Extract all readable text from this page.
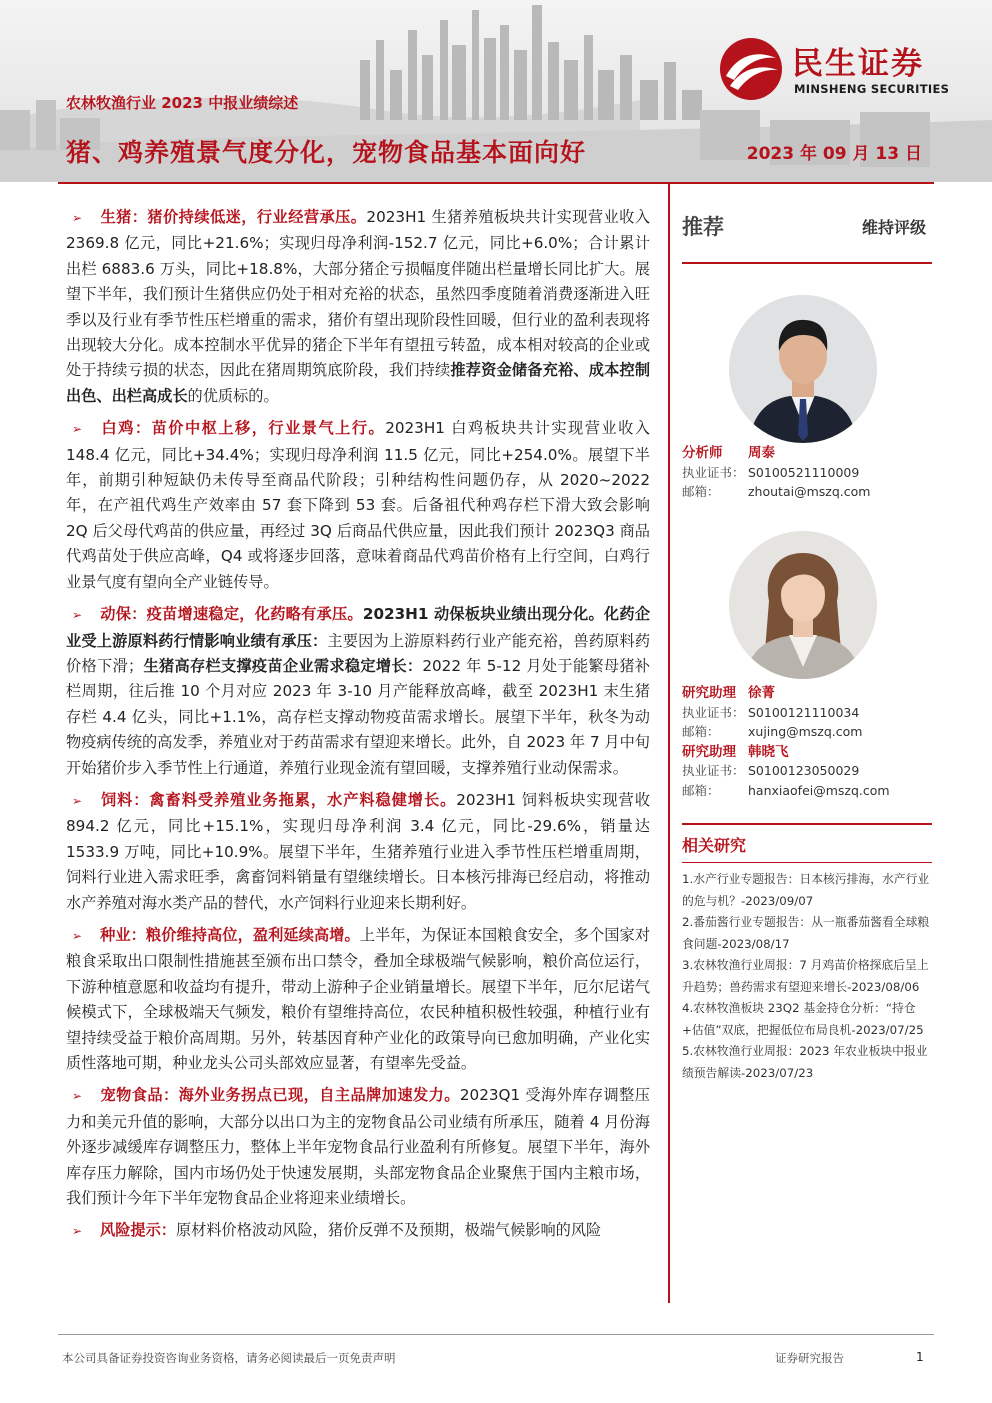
农林牧渔行业 2023 中报业绩综述
猪、鸡养殖景气度分化，宠物食品基本面向好	2023 年 09 月 13 日
民生证券
MINSHENG SECURITIES

➢ 生猪：猪价持续低迷，行业经营承压。2023H1 生猪养殖板块共计实现营业收入 2369.8 亿元，同比+21.6%；实现归母净利润-152.7 亿元，同比+6.0%；合计累计出栏 6883.6 万头，同比+18.8%，大部分猪企亏损幅度伴随出栏量增长同比扩大。展望下半年，我们预计生猪供应仍处于相对充裕的状态，虽然四季度随着消费逐渐进入旺季以及行业有季节性压栏增重的需求，猪价有望出现阶段性回暖，但行业的盈利表现将出现较大分化。成本控制水平优异的猪企下半年有望扭亏转盈，成本相对较高的企业或处于持续亏损的状态，因此在猪周期筑底阶段，我们持续推荐资金储备充裕、成本控制出色、出栏高成长的优质标的。

➢ 白鸡：苗价中枢上移，行业景气上行。2023H1 白鸡板块共计实现营业收入 148.4 亿元，同比+34.4%；实现归母净利润 11.5 亿元，同比+254.0%。展望下半年，前期引种短缺仍未传导至商品代阶段；引种结构性问题仍存，从 2020~2022 年，在产祖代鸡生产效率由 57 套下降到 53 套。后备祖代种鸡存栏下滑大致会影响 2Q 后父母代鸡苗的供应量，再经过 3Q 后商品代供应量，因此我们预计 2023Q3 商品代鸡苗处于供应高峰，Q4 或将逐步回落，意味着商品代鸡苗价格有上行空间，白鸡行业景气度有望向全产业链传导。

➢ 动保：疫苗增速稳定，化药略有承压。2023H1 动保板块业绩出现分化。化药企业受上游原料药行情影响业绩有承压：主要因为上游原料药行业产能充裕，兽药原料药价格下滑；生猪高存栏支撑疫苗企业需求稳定增长：2022 年 5-12 月处于能繁母猪补栏周期，往后推 10 个月对应 2023 年 3-10 月产能释放高峰，截至 2023H1 末生猪存栏 4.4 亿头，同比+1.1%，高存栏支撑动物疫苗需求增长。展望下半年，秋冬为动物疫病传统的高发季，养殖业对于药苗需求有望迎来增长。此外，自 2023 年 7 月中旬开始猪价步入季节性上行通道，养殖行业现金流有望回暖，支撑养殖行业动保需求。

➢ 饲料：禽畜料受养殖业务拖累，水产料稳健增长。2023H1 饲料板块实现营收 894.2 亿元，同比+15.1%，实现归母净利润 3.4 亿元，同比-29.6%，销量达 1533.9 万吨，同比+10.9%。展望下半年，生猪养殖行业进入季节性压栏增重周期，饲料行业进入需求旺季，禽畜饲料销量有望继续增长。日本核污排海已经启动，将推动水产养殖对海水类产品的替代，水产饲料行业迎来长期利好。

➢ 种业：粮价维持高位，盈利延续高增。上半年，为保证本国粮食安全，多个国家对粮食采取出口限制性措施甚至颁布出口禁令，叠加全球极端气候影响，粮价高位运行，下游种植意愿和收益均有提升，带动上游种子企业销量增长。展望下半年，厄尔尼诺气候模式下，全球极端天气频发，粮价有望维持高位，农民种植积极性较强，种植行业有望持续受益于粮价高周期。另外，转基因育种产业化的政策导向已愈加明确，产业化实质性落地可期，种业龙头公司头部效应显著，有望率先受益。

➢ 宠物食品：海外业务拐点已现，自主品牌加速发力。2023Q1 受海外库存调整压力和美元升值的影响，大部分以出口为主的宠物食品公司业绩有所承压，随着 4 月份海外逐步减缓库存调整压力，整体上半年宠物食品行业盈利有所修复。展望下半年，海外库存压力解除，国内市场仍处于快速发展期，头部宠物食品企业聚焦于国内主粮市场，我们预计今年下半年宠物食品企业将迎来业绩增长。

➢ 风险提示：原材料价格波动风险，猪价反弹不及预期，极端气候影响的风险

推荐	维持评级
分析师 周泰
执业证书： S0100521110009
邮箱： zhoutai@mszq.com
研究助理 徐菁
执业证书： S0100121110034
邮箱： xujing@mszq.com
研究助理 韩晓飞
执业证书： S0100123050029
邮箱： hanxiaofei@mszq.com
相关研究
1.水产行业专题报告：日本核污排海，水产行业的危与机？-2023/09/07
2.番茄酱行业专题报告：从一瓶番茄酱看全球粮食问题-2023/08/17
3.农林牧渔行业周报：7 月鸡苗价格探底后呈上升趋势；兽药需求有望迎来增长-2023/08/06
4.农林牧渔板块 23Q2 基金持仓分析：“持仓+估值”双底，把握低位布局良机-2023/07/25
5.农林牧渔行业周报：2023 年农业板块中报业绩预告解读-2023/07/23
本公司具备证券投资咨询业务资格，请务必阅读最后一页免责声明	证券研究报告	1
